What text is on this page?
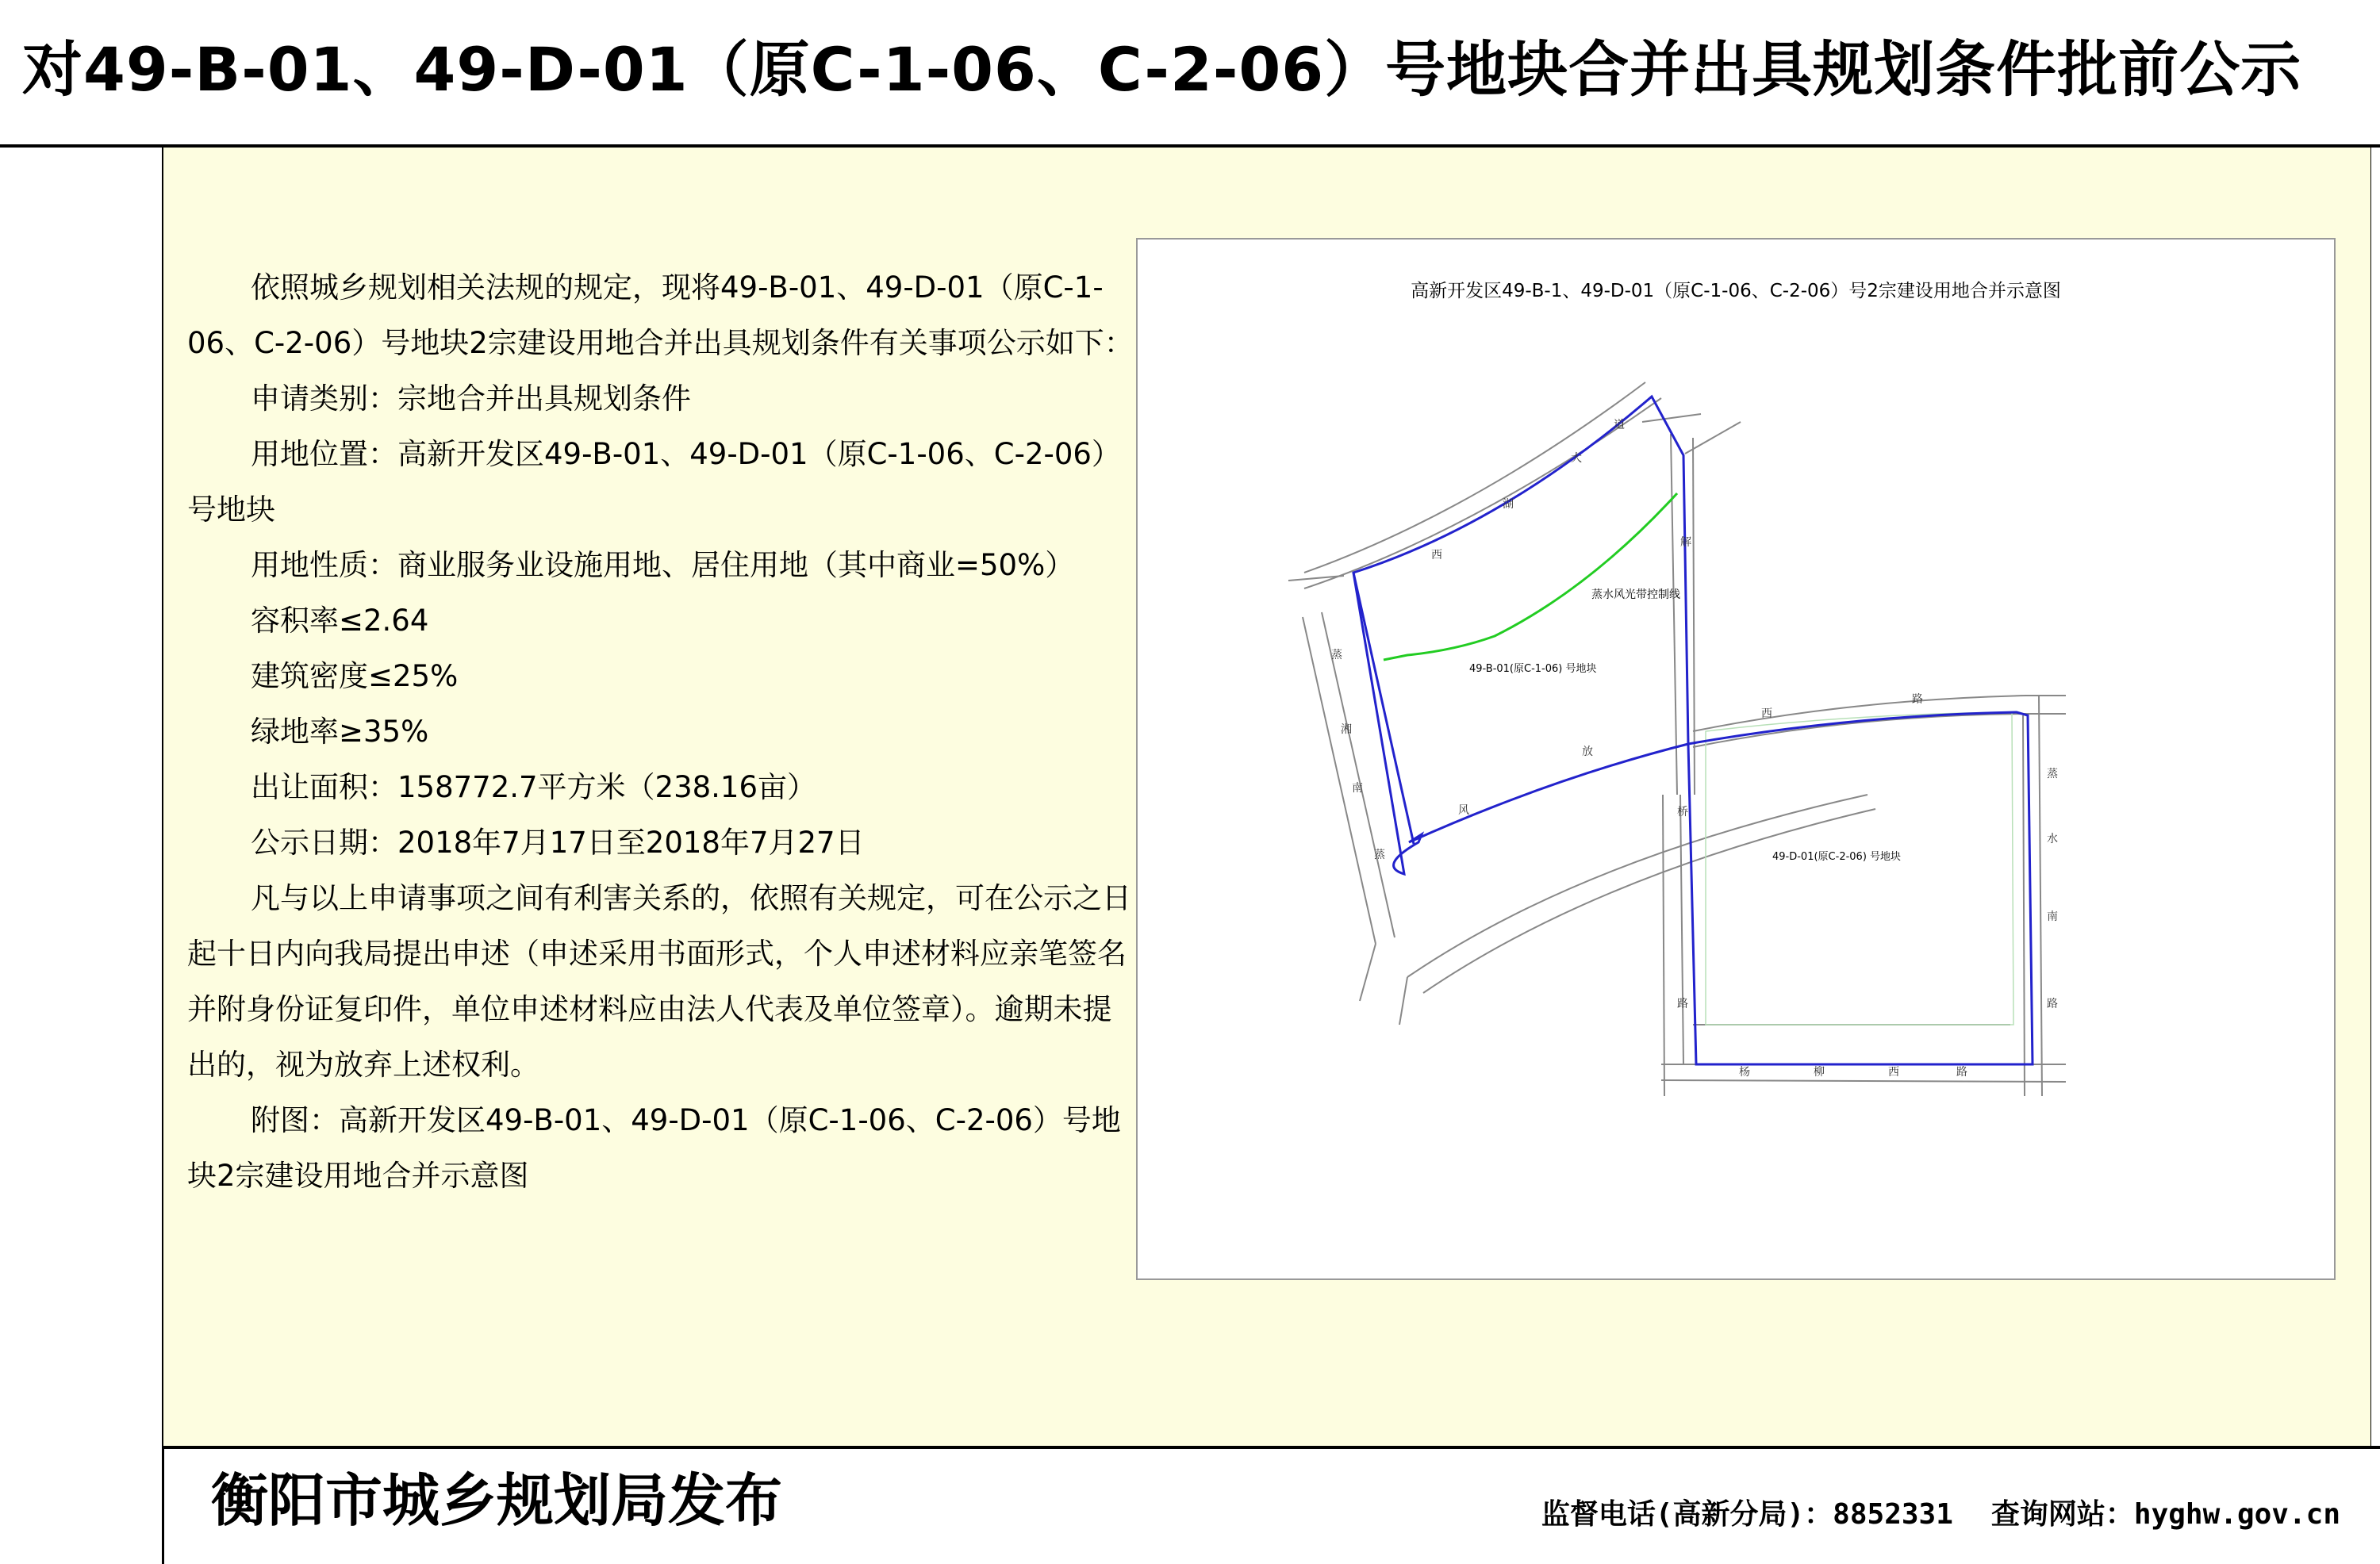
对49-B-01、49-D-01（原C-1-06、C-2-06）号地块合并出具规划条件批前公示

依照城乡规划相关法规的规定，现将49-B-01、49-D-01（原C-1-06、C-2-06）号地块2宗建设用地合并出具规划条件有关事项公示如下：

申请类别：宗地合并出具规划条件

用地位置：高新开发区49-B-01、49-D-01（原C-1-06、C-2-06）号地块

用地性质：商业服务业设施用地、居住用地（其中商业=50%）

容积率≤2.64

建筑密度≤25%

绿地率≥35%

出让面积：158772.7平方米（238.16亩）

公示日期：2018年7月17日至2018年7月27日

凡与以上申请事项之间有利害关系的，依照有关规定，可在公示之日起十日内向我局提出申述（申述采用书面形式，个人申述材料应亲笔签名并附身份证复印件，单位申述材料应由法人代表及单位签章）。逾期未提出的，视为放弃上述权利。

附图：高新开发区49-B-01、49-D-01（原C-1-06、C-2-06）号地块2宗建设用地合并示意图

高新开发区49-B-1、49-D-01（原C-1-06、C-2-06）号2宗建设用地合并示意图
蒸水风光带控制线
49-B-01(原C-1-06) 号地块
49-D-01(原C-2-06) 号地块
西
湖
大
道
蒸
湘
南
蒸
风
解
放
桥
路
西
路
蒸
水
南
路
杨	柳	西	路
衡阳市城乡规划局发布	监督电话(高新分局)：8852331 查询网站：hyghw.gov.cn
